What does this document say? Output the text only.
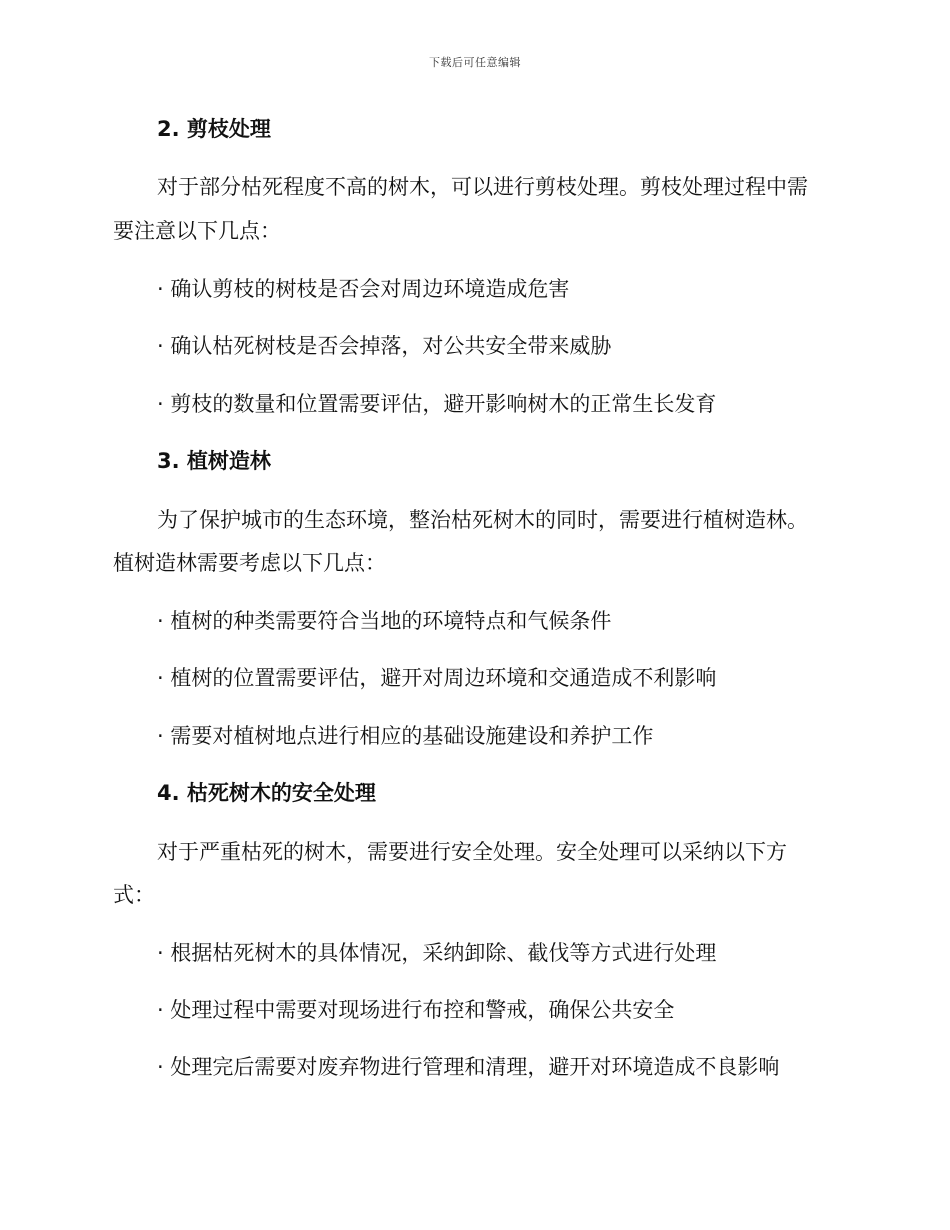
下载后可任意编辑
2. 剪枝处理
对于部分枯死程度不高的树木，可以进行剪枝处理。剪枝处理过程中需
要注意以下几点：
· 确认剪枝的树枝是否会对周边环境造成危害
· 确认枯死树枝是否会掉落，对公共安全带来威胁
· 剪枝的数量和位置需要评估，避开影响树木的正常生长发育
3. 植树造林
为了保护城市的生态环境，整治枯死树木的同时，需要进行植树造林。
植树造林需要考虑以下几点：
· 植树的种类需要符合当地的环境特点和气候条件
· 植树的位置需要评估，避开对周边环境和交通造成不利影响
· 需要对植树地点进行相应的基础设施建设和养护工作
4. 枯死树木的安全处理
对于严重枯死的树木，需要进行安全处理。安全处理可以采纳以下方
式：
· 根据枯死树木的具体情况，采纳卸除、截伐等方式进行处理
· 处理过程中需要对现场进行布控和警戒，确保公共安全
· 处理完后需要对废弃物进行管理和清理，避开对环境造成不良影响
